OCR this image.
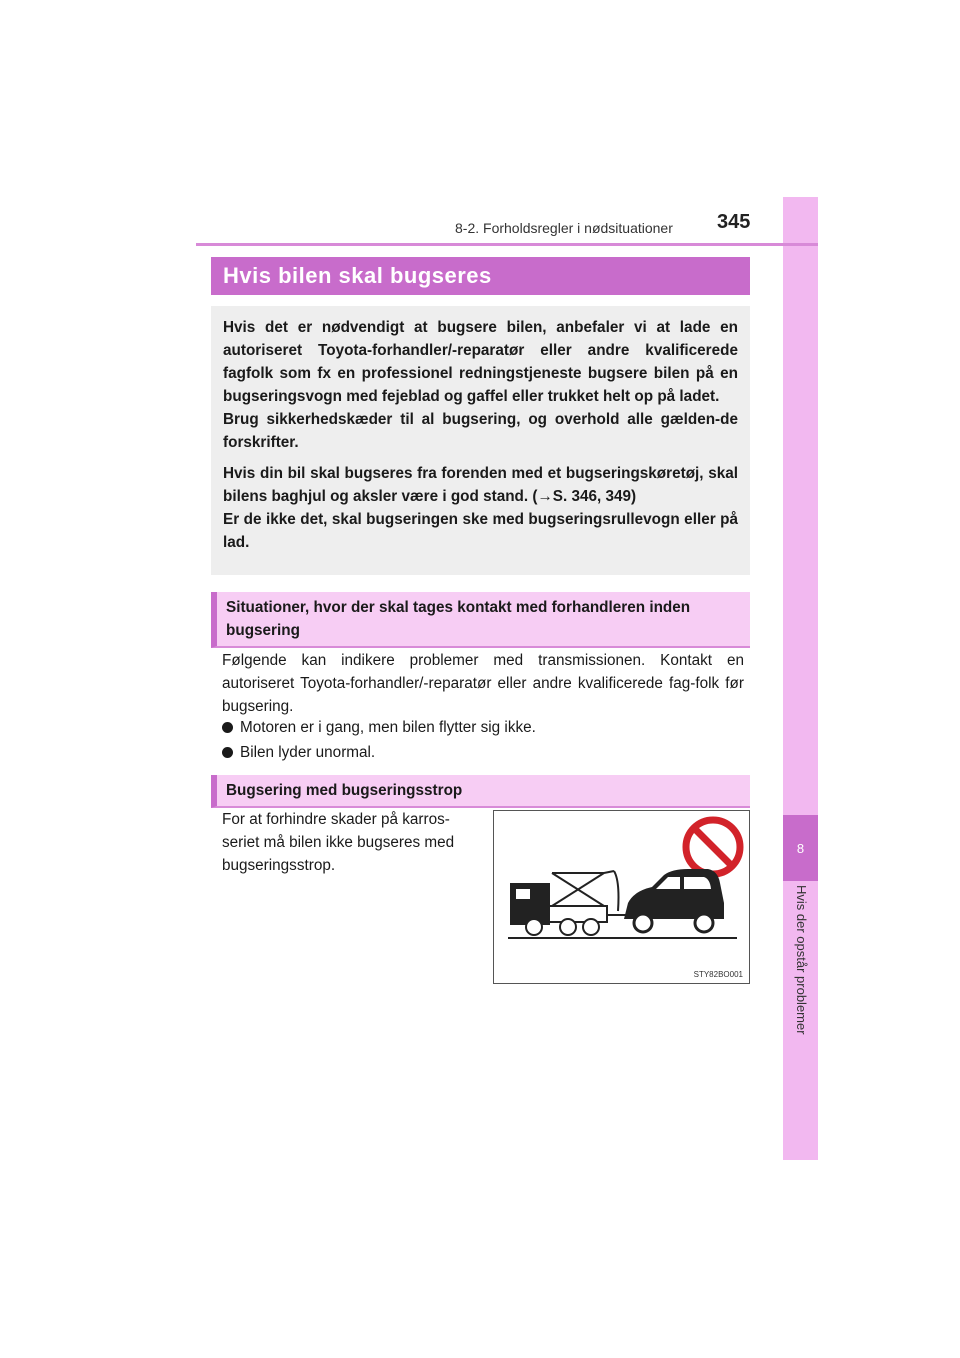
8
8-2. Forholdsregler i nødsituationer 345
Hvis bilen skal bugseres

Hvis det er nødvendigt at bugsere bilen, anbefaler vi at lade en autoriseret Toyota-forhandler/-reparatør eller andre kvalificerede fagfolk som fx en professionel redningstjeneste bugsere bilen på en bugseringsvogn med fejeblad og gaffel eller trukket helt op på ladet.

Brug sikkerhedskæder til al bugsering, og overhold alle gælden-de forskrifter.

Hvis din bil skal bugseres fra forenden med et bugseringskøretøj, skal bilens baghjul og aksler være i god stand. (→S. 346, 349)

Er de ikke det, skal bugseringen ske med bugseringsrullevogn eller på lad.

Situationer, hvor der skal tages kontakt med forhandleren inden bugsering

Følgende kan indikere problemer med transmissionen. Kontakt en autoriseret Toyota-forhandler/-reparatør eller andre kvalificerede fag-folk før bugsering.

Motoren er i gang, men bilen flytter sig ikke.
Bilen lyder unormal.
Bugsering med bugseringsstrop

For at forhindre skader på karros-seriet må bilen ikke bugseres med bugseringsstrop.

STY82BO001
